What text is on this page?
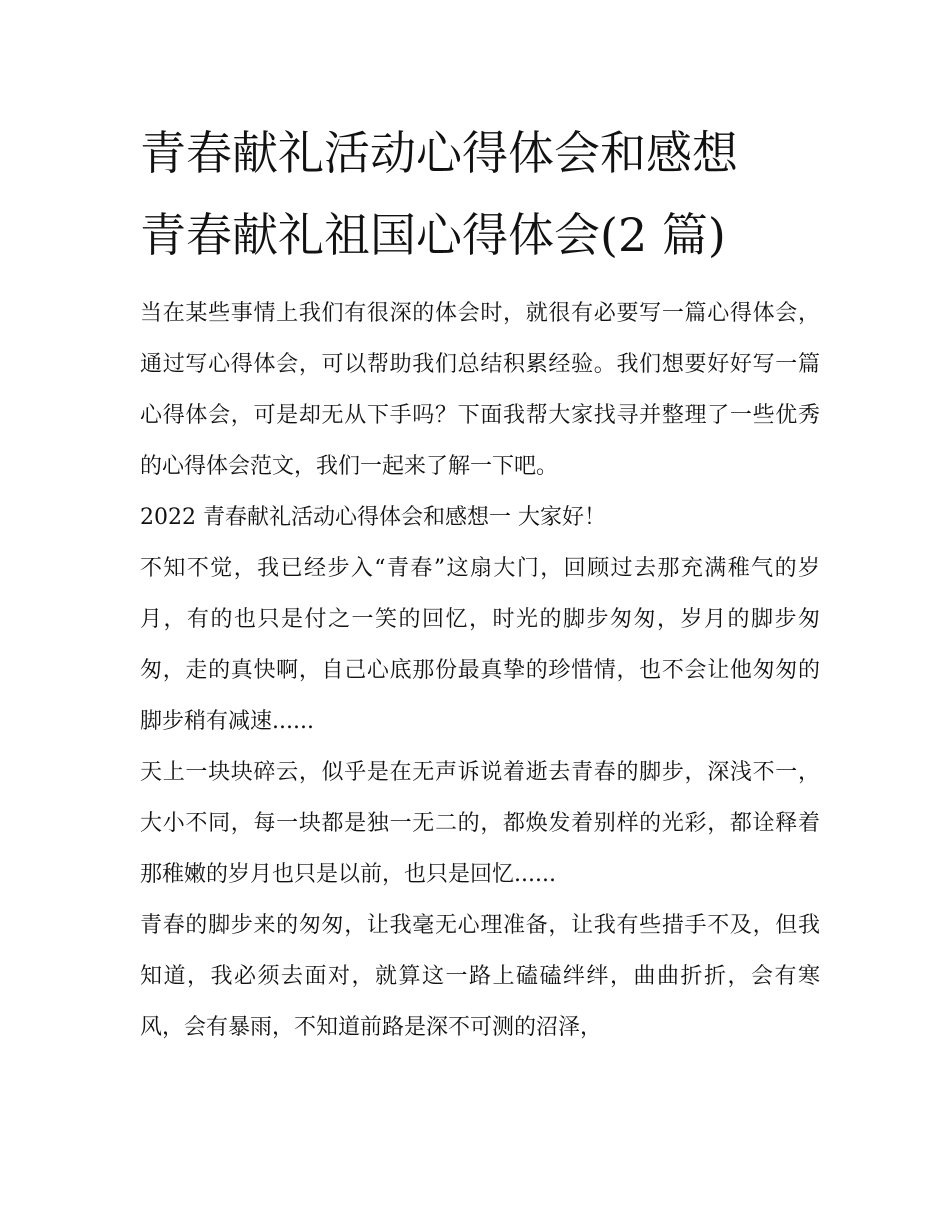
青春献礼活动心得体会和感想
青春献礼祖国心得体会(2 篇)

当在某些事情上我们有很深的体会时，就很有必要写一篇心得体会，通过写心得体会，可以帮助我们总结积累经验。我们想要好好写一篇心得体会，可是却无从下手吗？下面我帮大家找寻并整理了一些优秀的心得体会范文，我们一起来了解一下吧。

2022 青春献礼活动心得体会和感想一 大家好！

不知不觉，我已经步入“青春”这扇大门，回顾过去那充满稚气的岁月，有的也只是付之一笑的回忆，时光的脚步匆匆，岁月的脚步匆匆，走的真快啊，自己心底那份最真挚的珍惜情，也不会让他匆匆的脚步稍有减速......

天上一块块碎云，似乎是在无声诉说着逝去青春的脚步，深浅不一，大小不同，每一块都是独一无二的，都焕发着别样的光彩，都诠释着那稚嫩的岁月也只是以前，也只是回忆......

青春的脚步来的匆匆，让我毫无心理准备，让我有些措手不及，但我知道，我必须去面对，就算这一路上磕磕绊绊，曲曲折折，会有寒风，会有暴雨，不知道前路是深不可测的沼泽，
